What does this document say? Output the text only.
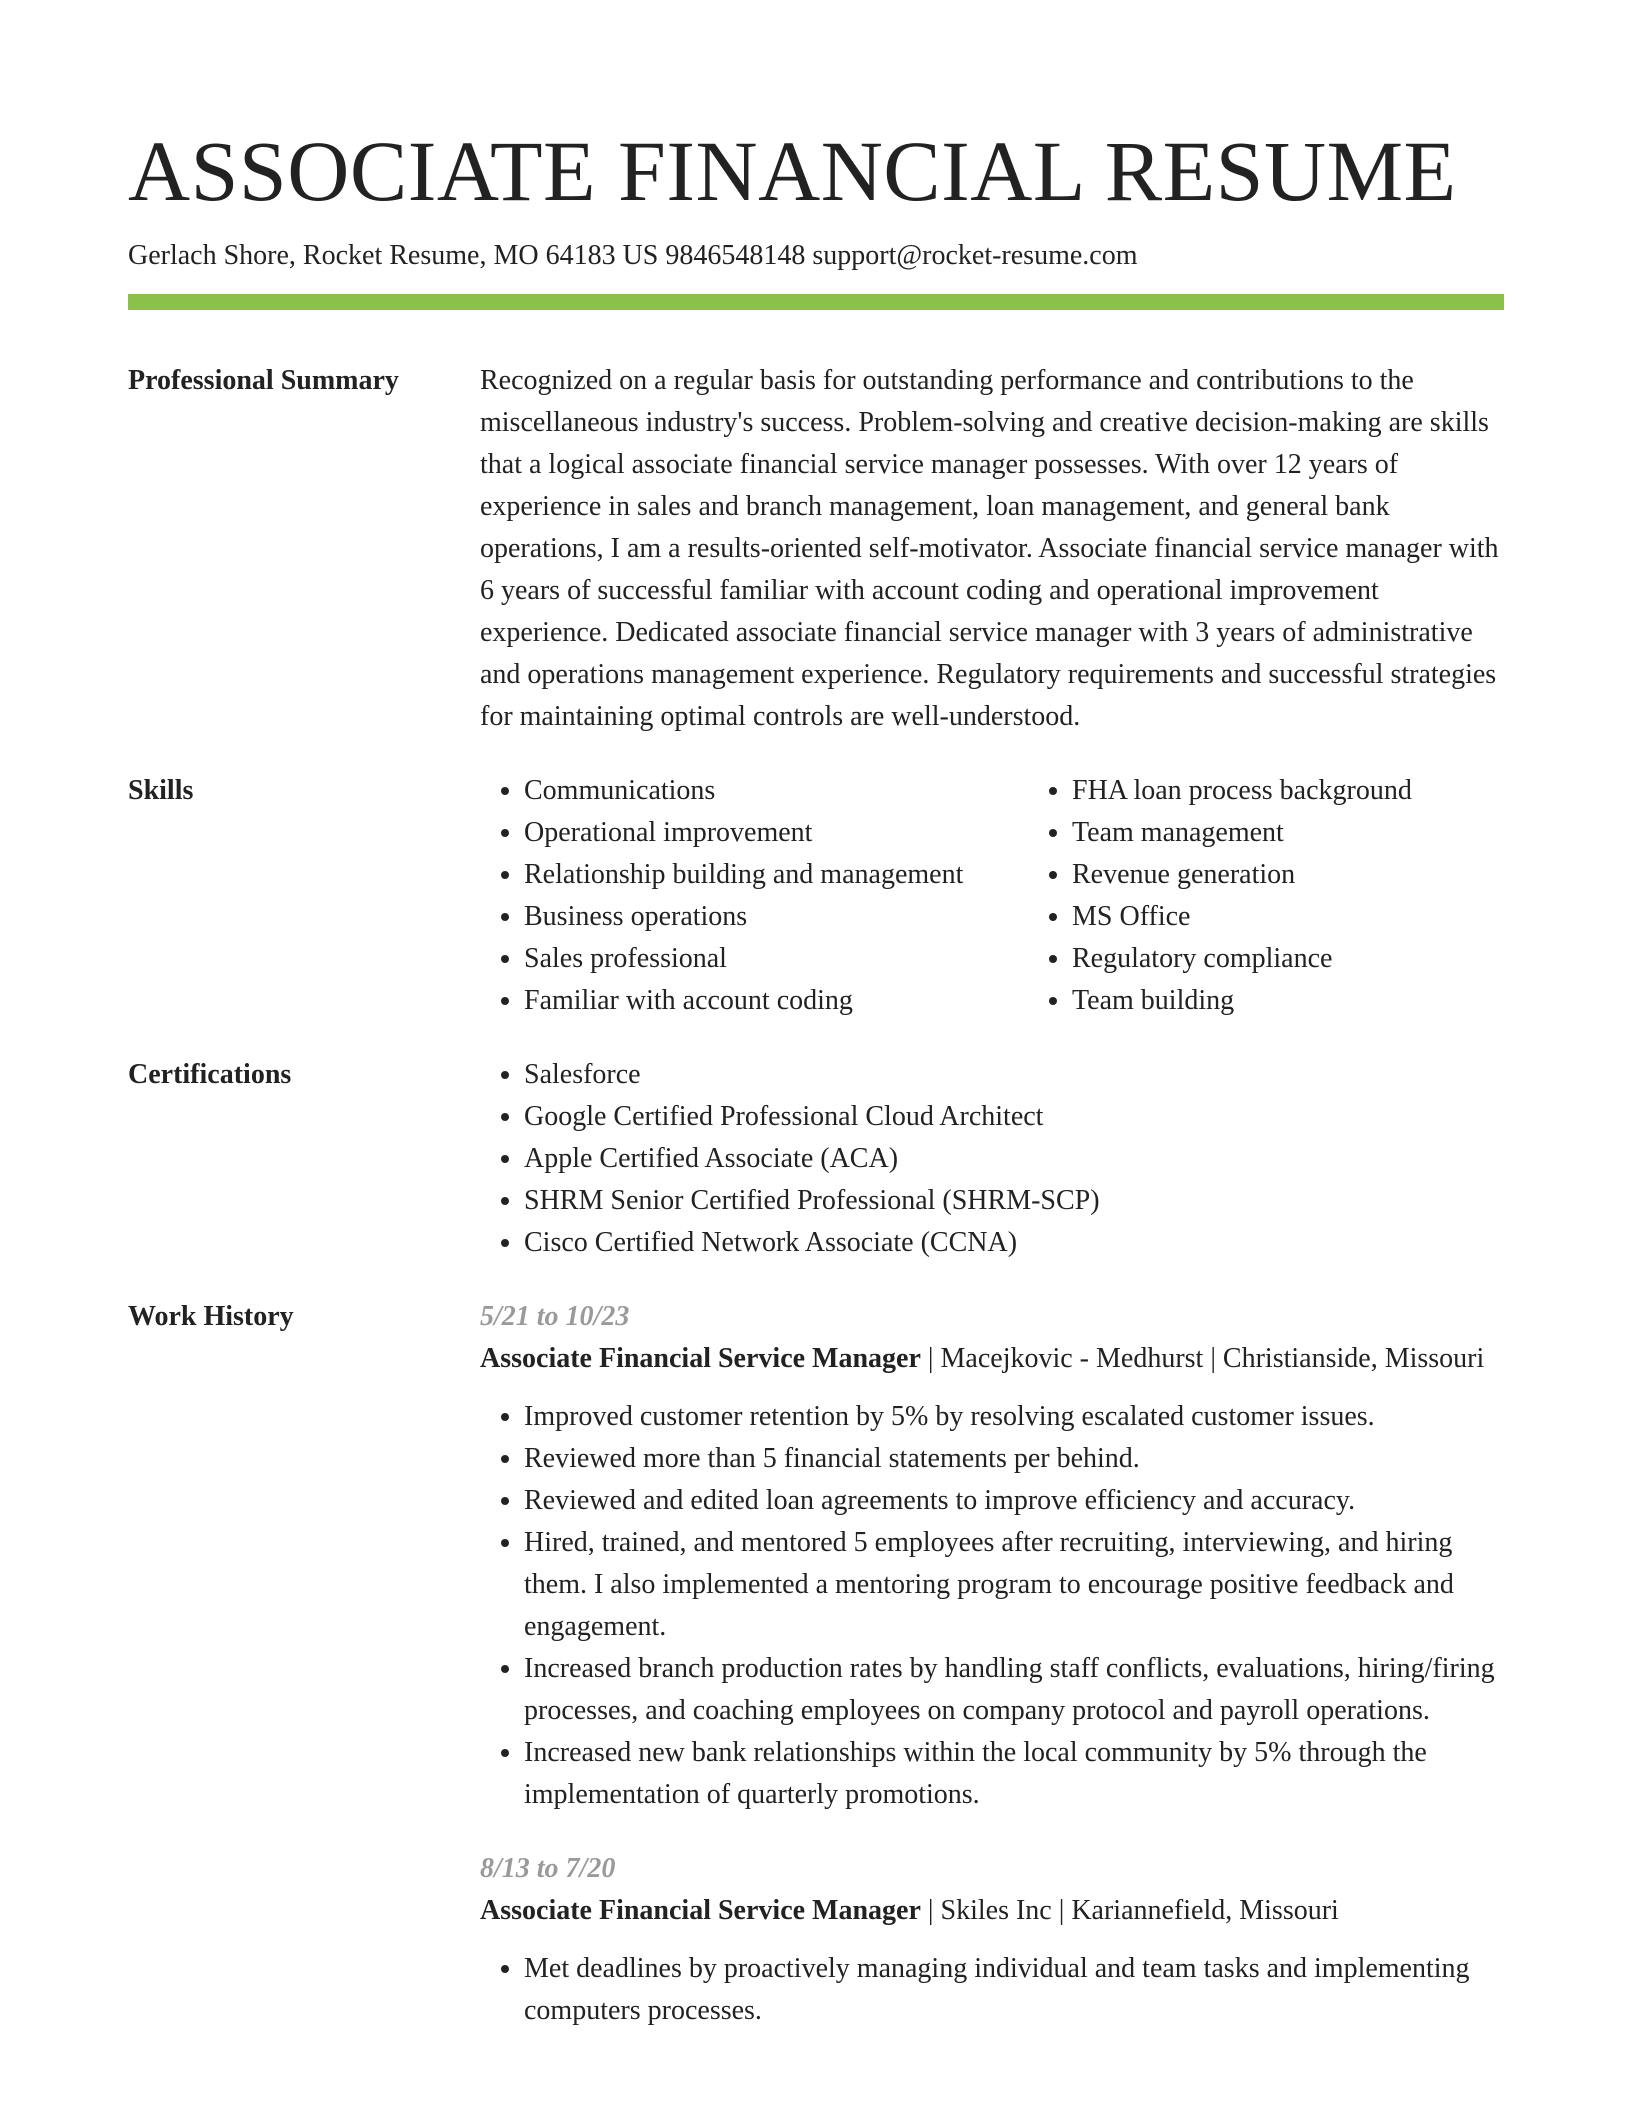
ASSOCIATE FINANCIAL RESUME
Gerlach Shore, Rocket Resume, MO 64183 US 9846548148 support@rocket-resume.com
Professional Summary	Recognized on a regular basis for outstanding performance and contributions to the miscellaneous industry's success. Problem-solving and creative decision-making are skills that a logical associate financial service manager possesses. With over 12 years of experience in sales and branch management, loan management, and general bank operations, I am a results-oriented self-motivator. Associate financial service manager with 6 years of successful familiar with account coding and operational improvement experience. Dedicated associate financial service manager with 3 years of administrative and operations management experience. Regulatory requirements and successful strategies for maintaining optimal controls are well-understood.

Skills	• Communications
• Operational improvement
• Relationship building and management
• Business operations
• Sales professional
• Familiar with account coding
• FHA loan process background
• Team management
• Revenue generation
• MS Office
• Regulatory compliance
• Team building
Certifications	• Salesforce
• Google Certified Professional Cloud Architect
• Apple Certified Associate (ACA)
• SHRM Senior Certified Professional (SHRM-SCP)
• Cisco Certified Network Associate (CCNA)
Work History	5/21 to 10/23
Associate Financial Service Manager | Macejkovic - Medhurst | Christianside, Missouri
• Improved customer retention by 5% by resolving escalated customer issues.
• Reviewed more than 5 financial statements per behind.
• Reviewed and edited loan agreements to improve efficiency and accuracy.
• Hired, trained, and mentored 5 employees after recruiting, interviewing, and hiring them. I also implemented a mentoring program to encourage positive feedback and engagement.
• Increased branch production rates by handling staff conflicts, evaluations, hiring/firing processes, and coaching employees on company protocol and payroll operations.
• Increased new bank relationships within the local community by 5% through the implementation of quarterly promotions.
8/13 to 7/20
Associate Financial Service Manager | Skiles Inc | Kariannefield, Missouri
• Met deadlines by proactively managing individual and team tasks and implementing computers processes.
